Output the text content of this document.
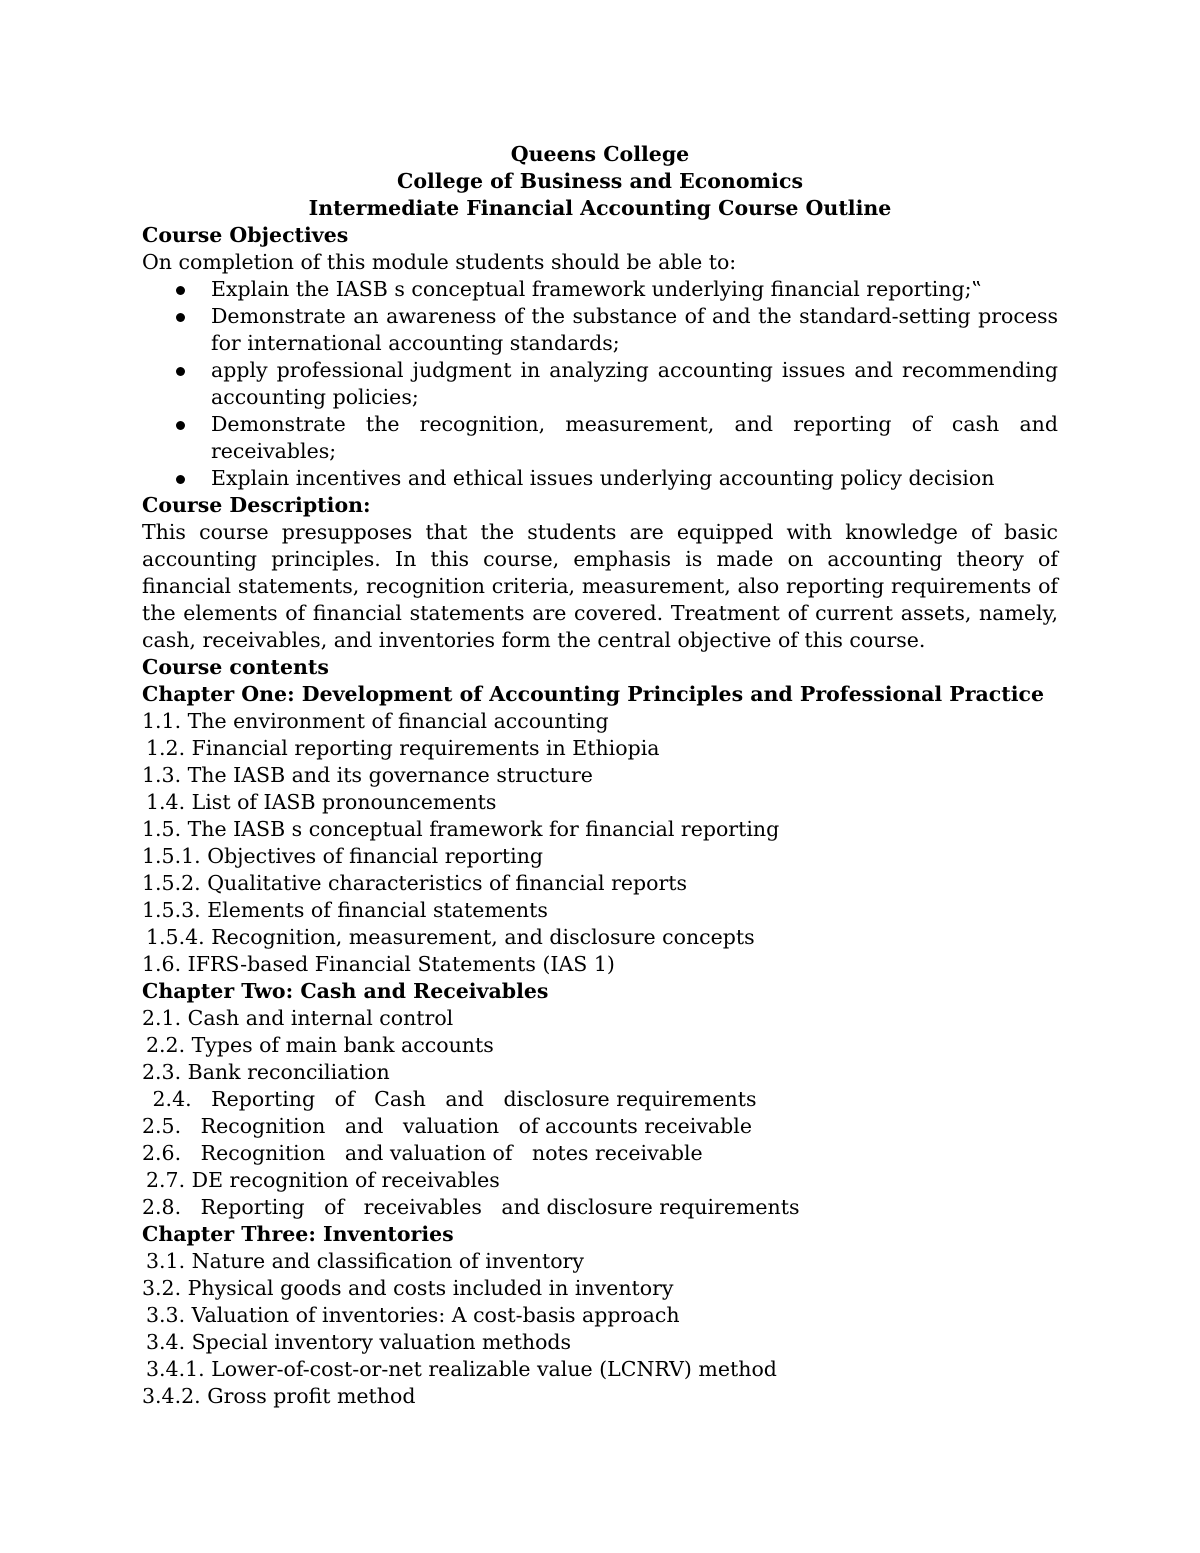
Queens College
College of Business and Economics
Intermediate Financial Accounting Course Outline
Course Objectives
On completion of this module students should be able to:
Explain the IASB s conceptual framework underlying financial reporting;‟
Demonstrate an awareness of the substance of and the standard-setting process for international accounting standards;
apply professional judgment in analyzing accounting issues and recommending accounting policies;
Demonstrate the recognition, measurement, and reporting of cash and receivables;
Explain incentives and ethical issues underlying accounting policy decision
Course Description:
This course presupposes that the students are equipped with knowledge of basic accounting principles. In this course, emphasis is made on accounting theory of financial statements, recognition criteria, measurement, also reporting requirements of the elements of financial statements are covered. Treatment of current assets, namely, cash, receivables, and inventories form the central objective of this course.
Course contents
Chapter One: Development of Accounting Principles and Professional Practice
1.1. The environment of financial accounting
1.2. Financial reporting requirements in Ethiopia
1.3. The IASB and its governance structure
1.4. List of IASB pronouncements
1.5. The IASB s conceptual framework for financial reporting
1.5.1. Objectives of financial reporting
1.5.2. Qualitative characteristics of financial reports
1.5.3. Elements of financial statements
1.5.4. Recognition, measurement, and disclosure concepts
1.6. IFRS-based Financial Statements (IAS 1)
Chapter Two: Cash and Receivables
2.1. Cash and internal control
2.2. Types of main bank accounts
2.3. Bank reconciliation
2.4.   Reporting   of   Cash   and   disclosure requirements
2.5.   Recognition   and   valuation   of accounts receivable
2.6.   Recognition   and valuation of   notes receivable
2.7. DE recognition of receivables
2.8.   Reporting   of   receivables   and disclosure requirements
Chapter Three: Inventories
3.1. Nature and classification of inventory
3.2. Physical goods and costs included in inventory
3.3. Valuation of inventories: A cost-basis approach
3.4. Special inventory valuation methods
3.4.1. Lower-of-cost-or-net realizable value (LCNRV) method
3.4.2. Gross profit method
